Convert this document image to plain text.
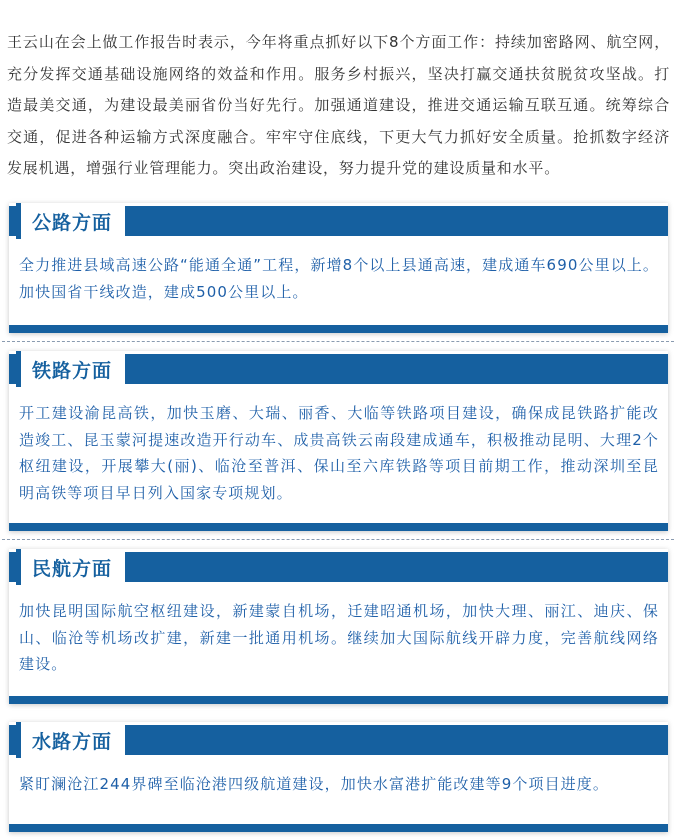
王云山在会上做工作报告时表示，今年将重点抓好以下8个方面工作：持续加密路网、航空网，充分发挥交通基础设施网络的效益和作用。服务乡村振兴，坚决打赢交通扶贫脱贫攻坚战。打造最美交通，为建设最美丽省份当好先行。加强通道建设，推进交通运输互联互通。统筹综合交通，促进各种运输方式深度融合。牢牢守住底线，下更大气力抓好安全质量。抢抓数字经济发展机遇，增强行业管理能力。突出政治建设，努力提升党的建设质量和水平。

公路方面
全力推进县域高速公路“能通全通”工程，新增8个以上县通高速，建成通车690公里以上。加快国省干线改造，建成500公里以上。
铁路方面
开工建设渝昆高铁，加快玉磨、大瑞、丽香、大临等铁路项目建设，确保成昆铁路扩能改造竣工、昆玉蒙河提速改造开行动车、成贵高铁云南段建成通车，积极推动昆明、大理2个枢纽建设，开展攀大(丽)、临沧至普洱、保山至六库铁路等项目前期工作，推动深圳至昆明高铁等项目早日列入国家专项规划。
民航方面
加快昆明国际航空枢纽建设，新建蒙自机场，迁建昭通机场，加快大理、丽江、迪庆、保山、临沧等机场改扩建，新建一批通用机场。继续加大国际航线开辟力度，完善航线网络建设。
水路方面
紧盯澜沧江244界碑至临沧港四级航道建设，加快水富港扩能改建等9个项目进度。
